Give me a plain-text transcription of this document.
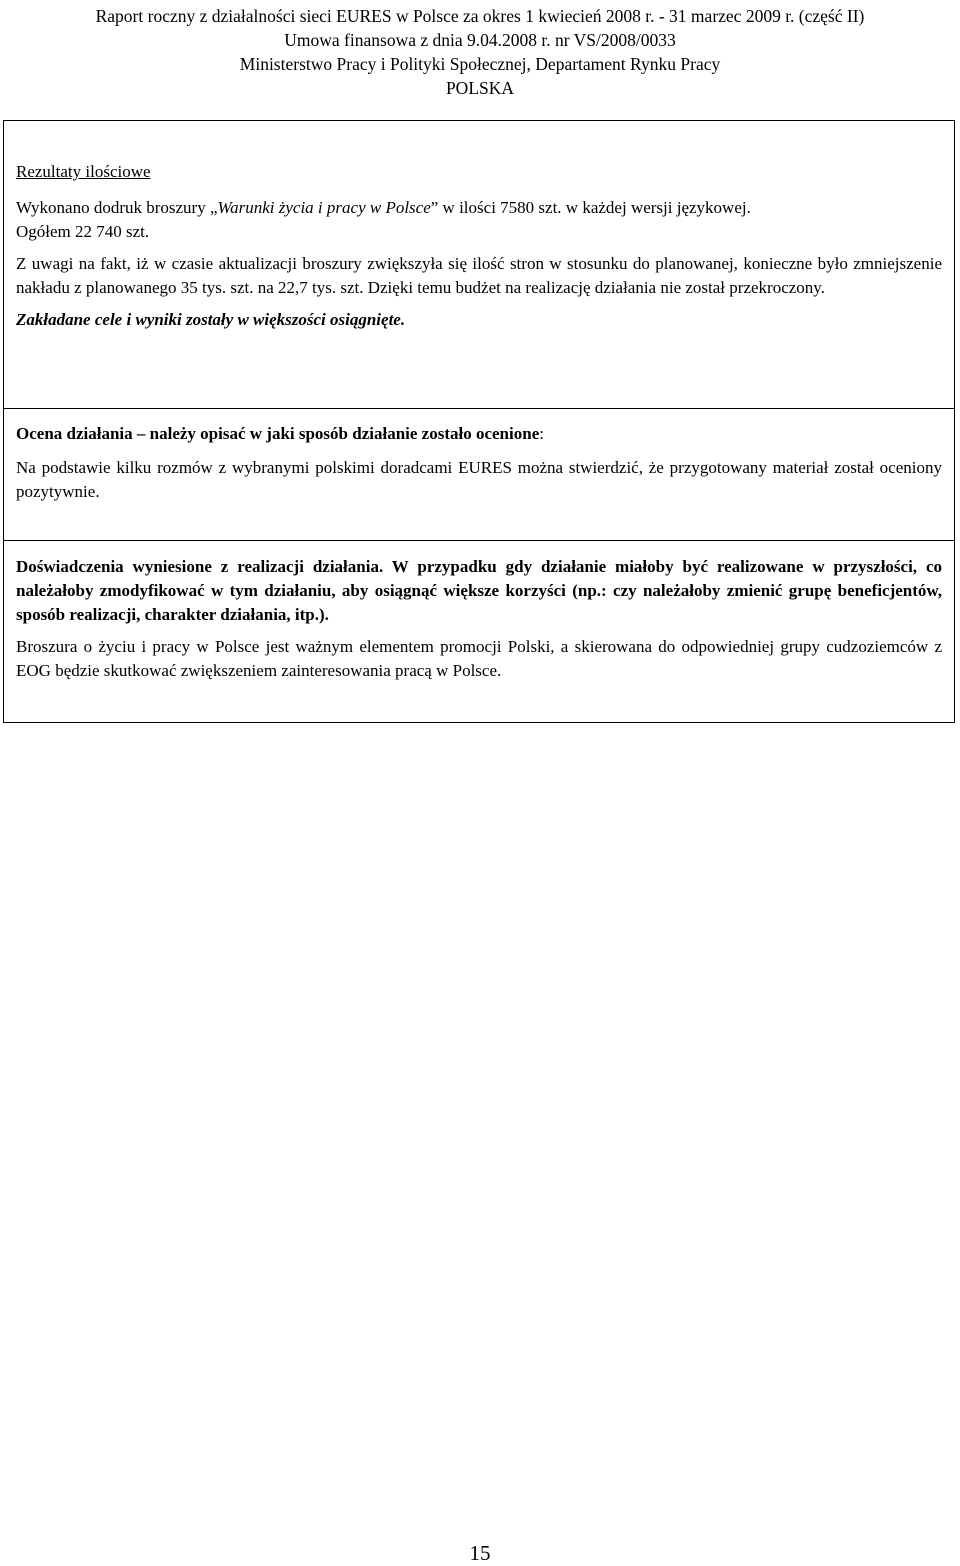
Raport roczny z działalności sieci EURES w Polsce za okres 1 kwiecień 2008 r. - 31 marzec 2009 r. (część II)
Umowa finansowa z dnia 9.04.2008 r. nr VS/2008/0033
Ministerstwo Pracy i Polityki Społecznej, Departament Rynku Pracy
POLSKA

Rezultaty ilościowe

Wykonano dodruk broszury „Warunki życia i pracy w Polsce” w ilości 7580 szt. w każdej wersji językowej.
Ogółem 22 740 szt.

Z uwagi na fakt, iż w czasie aktualizacji broszury zwiększyła się ilość stron w stosunku do planowanej, konieczne było zmniejszenie nakładu z planowanego 35 tys. szt. na 22,7 tys. szt. Dzięki temu budżet na realizację działania nie został przekroczony.

Zakładane cele i wyniki zostały w większości osiągnięte.

Ocena działania – należy opisać w jaki sposób działanie zostało ocenione:

Na podstawie kilku rozmów z wybranymi polskimi doradcami EURES można stwierdzić, że przygotowany materiał został oceniony pozytywnie.

Doświadczenia wyniesione z realizacji działania. W przypadku gdy działanie miałoby być realizowane w przyszłości, co należałoby zmodyfikować w tym działaniu, aby osiągnąć większe korzyści (np.: czy należałoby zmienić grupę beneficjentów, sposób realizacji, charakter działania, itp.).

Broszura o życiu i pracy w Polsce jest ważnym elementem promocji Polski, a skierowana do odpowiedniej grupy cudzoziemców z EOG będzie skutkować zwiększeniem zainteresowania pracą w Polsce.

15
